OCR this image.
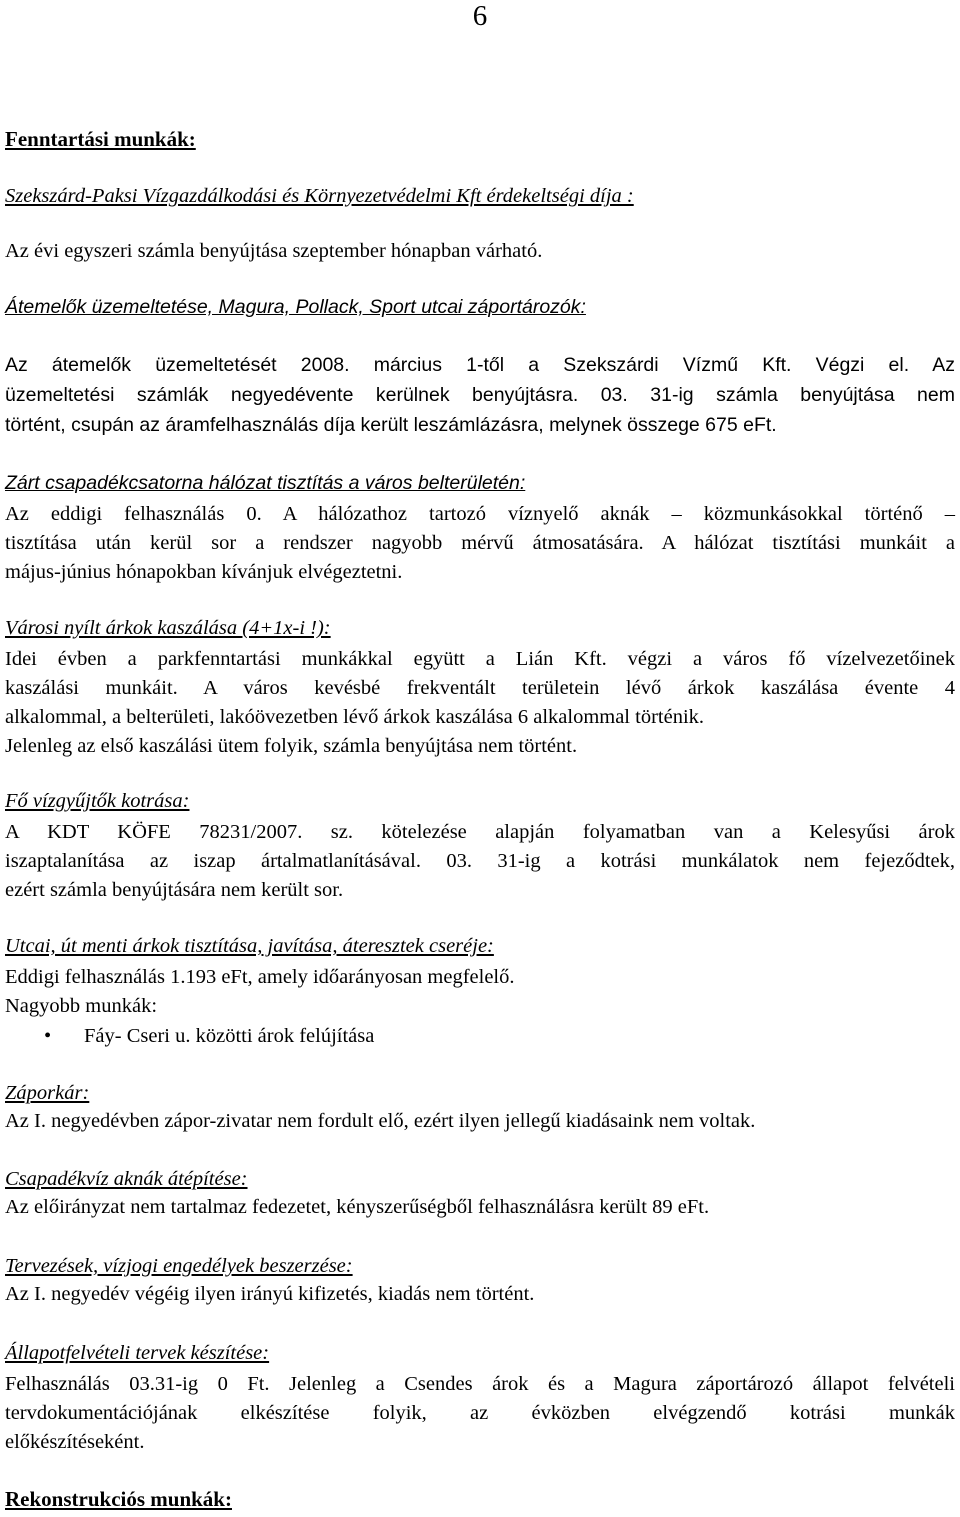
6
Fenntartási munkák:
Szekszárd-Paksi Vízgazdálkodási és Környezetvédelmi Kft érdekeltségi díja :
Az évi egyszeri számla benyújtása szeptember hónapban várható.
Átemelők üzemeltetése, Magura, Pollack, Sport utcai záportározók:
Az átemelők üzemeltetését 2008. március 1-től a Szekszárdi Vízmű Kft. Végzi el. Az
üzemeltetési számlák negyedévente kerülnek benyújtásra. 03. 31-ig számla benyújtása nem
történt, csupán az áramfelhasználás díja került leszámlázásra, melynek összege 675 eFt.
Zárt csapadékcsatorna hálózat tisztítás a város belterületén:
Az eddigi felhasználás 0. A hálózathoz tartozó víznyelő aknák – közmunkásokkal történő –
tisztítása után kerül sor a rendszer nagyobb mérvű átmosatására. A hálózat tisztítási munkáit a
május-június hónapokban kívánjuk elvégeztetni.
Városi nyílt árkok kaszálása (4+1x-i !):
Idei évben a parkfenntartási munkákkal együtt a Lián Kft. végzi a város fő vízelvezetőinek
kaszálási munkáit. A város kevésbé frekventált területein lévő árkok kaszálása évente 4
alkalommal, a belterületi, lakóövezetben lévő árkok kaszálása 6 alkalommal történik.
Jelenleg az első kaszálási ütem folyik, számla benyújtása nem történt.
Fő vízgyűjtők kotrása:
A KDT KÖFE 78231/2007. sz. kötelezése alapján folyamatban van a Kelesyűsi árok
iszaptalanítása az iszap ártalmatlanításával. 03. 31-ig a kotrási munkálatok nem fejeződtek,
ezért számla benyújtására nem került sor.
Utcai, út menti árkok tisztítása, javítása, áteresztek cseréje:
Eddigi felhasználás 1.193 eFt, amely időarányosan megfelelő.
Nagyobb munkák:
• Fáy- Cseri u. közötti árok felújítása
Záporkár:
Az I. negyedévben zápor-zivatar nem fordult elő, ezért ilyen jellegű kiadásaink nem voltak.
Csapadékvíz aknák átépítése:
Az előirányzat nem tartalmaz fedezetet, kényszerűségből felhasználásra került 89 eFt.
Tervezések, vízjogi engedélyek beszerzése:
Az I. negyedév végéig ilyen irányú kifizetés, kiadás nem történt.
Állapotfelvételi tervek készítése:
Felhasználás 03.31-ig 0 Ft. Jelenleg a Csendes árok és a Magura záportározó állapot felvételi
tervdokumentációjának elkészítése folyik, az évközben elvégzendő kotrási munkák
előkészítéseként.
Rekonstrukciós munkák:
